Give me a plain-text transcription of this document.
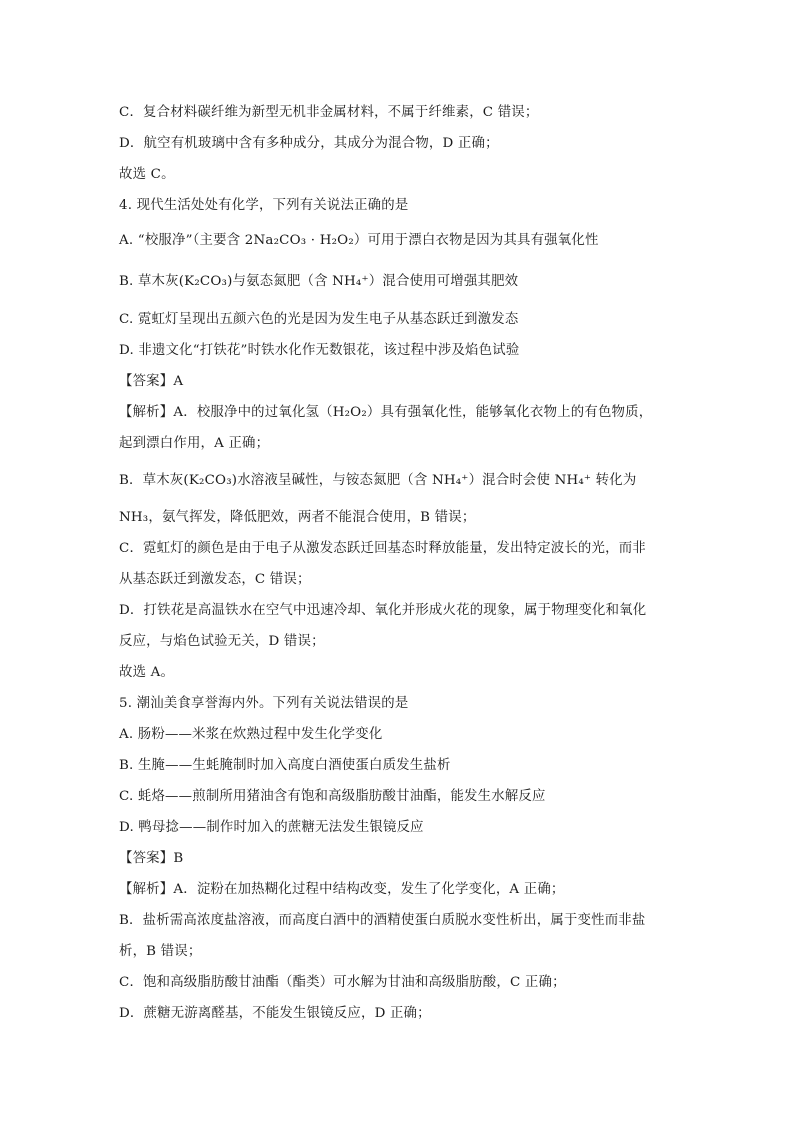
C．复合材料碳纤维为新型无机非金属材料，不属于纤维素，C 错误；
D．航空有机玻璃中含有多种成分，其成分为混合物，D 正确；
故选 C。
4. 现代生活处处有化学，下列有关说法正确的是
A. “校服净”（主要含 2Na₂CO₃ · H₂O₂）可用于漂白衣物是因为其具有强氧化性
B. 草木灰(K₂CO₃)与氨态氮肥（含 NH₄⁺）混合使用可增强其肥效
C. 霓虹灯呈现出五颜六色的光是因为发生电子从基态跃迁到激发态
D. 非遗文化“打铁花”时铁水化作无数银花，该过程中涉及焰色试验
【答案】A
【解析】A．校服净中的过氧化氢（H₂O₂）具有强氧化性，能够氧化衣物上的有色物质，
起到漂白作用，A 正确；
B．草木灰(K₂CO₃)水溶液呈碱性，与铵态氮肥（含 NH₄⁺）混合时会使 NH₄⁺ 转化为
NH₃，氨气挥发，降低肥效，两者不能混合使用，B 错误；
C．霓虹灯的颜色是由于电子从激发态跃迁回基态时释放能量，发出特定波长的光，而非
从基态跃迁到激发态，C 错误；
D．打铁花是高温铁水在空气中迅速冷却、氧化并形成火花的现象，属于物理变化和氧化
反应，与焰色试验无关，D 错误；
故选 A。
5. 潮汕美食享誉海内外。下列有关说法错误的是
A. 肠粉——米浆在炊熟过程中发生化学变化
B. 生腌——生蚝腌制时加入高度白酒使蛋白质发生盐析
C. 蚝烙——煎制所用猪油含有饱和高级脂肪酸甘油酯，能发生水解反应
D. 鸭母捻——制作时加入的蔗糖无法发生银镜反应
【答案】B
【解析】A．淀粉在加热糊化过程中结构改变，发生了化学变化，A 正确；
B．盐析需高浓度盐溶液，而高度白酒中的酒精使蛋白质脱水变性析出，属于变性而非盐
析，B 错误；
C．饱和高级脂肪酸甘油酯（酯类）可水解为甘油和高级脂肪酸，C 正确；
D．蔗糖无游离醛基，不能发生银镜反应，D 正确；
